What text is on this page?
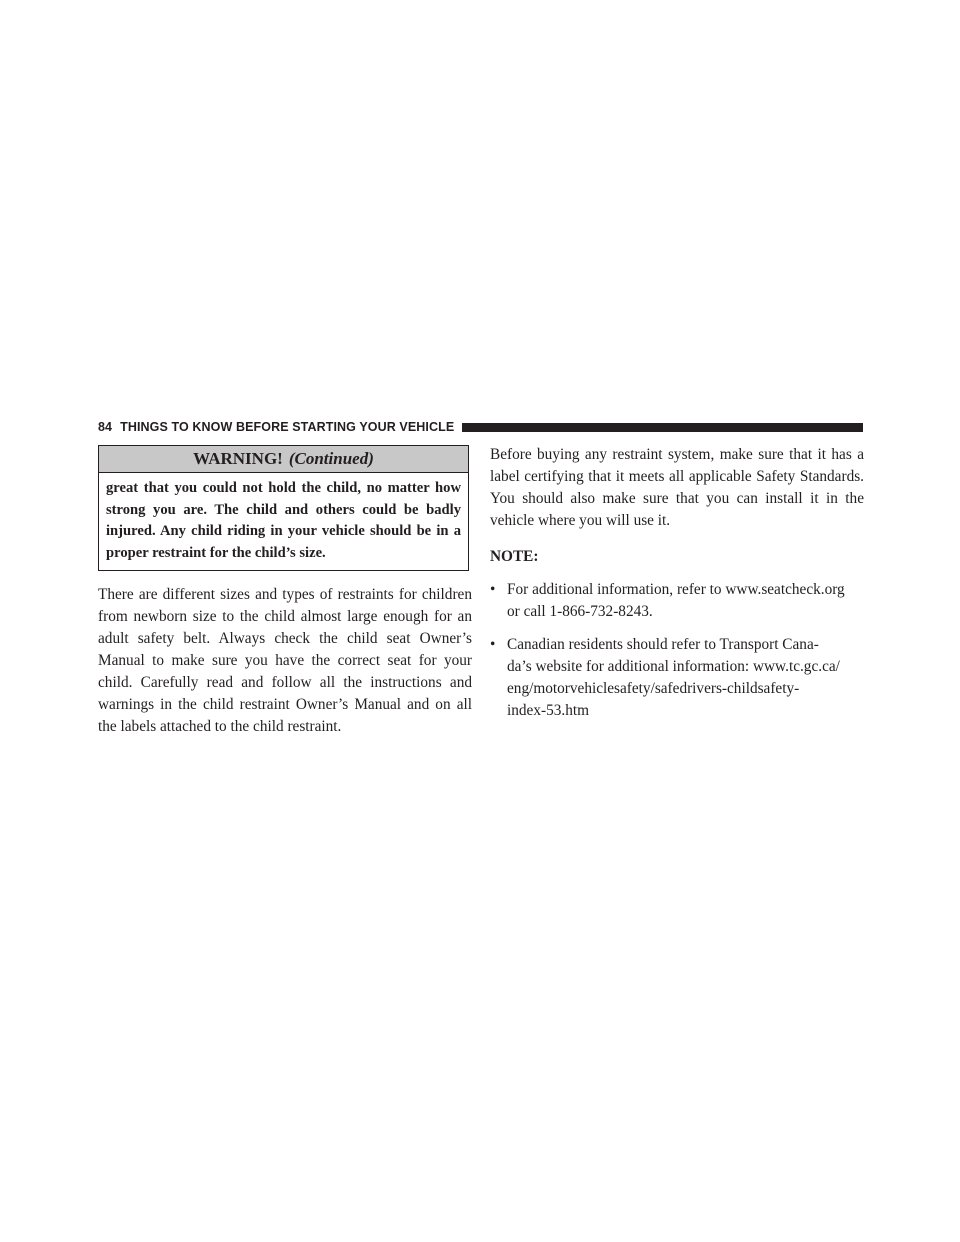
84 THINGS TO KNOW BEFORE STARTING YOUR VEHICLE
WARNING! (Continued)
great that you could not hold the child, no matter how strong you are. The child and others could be badly injured. Any child riding in your vehicle should be in a proper restraint for the child’s size.

There are different sizes and types of restraints for children from newborn size to the child almost large enough for an adult safety belt. Always check the child seat Owner’s Manual to make sure you have the correct seat for your child. Carefully read and follow all the instructions and warnings in the child restraint Owner’s Manual and on all the labels attached to the child restraint.

Before buying any restraint system, make sure that it has a label certifying that it meets all applicable Safety Standards. You should also make sure that you can install it in the vehicle where you will use it.

NOTE:

• For additional information, refer to www.seatcheck.org
or call 1-866-732-8243.
• Canadian residents should refer to Transport Cana-
da’s website for additional information: www.tc.gc.ca/
eng/motorvehiclesafety/safedrivers-childsafety-
index-53.htm
